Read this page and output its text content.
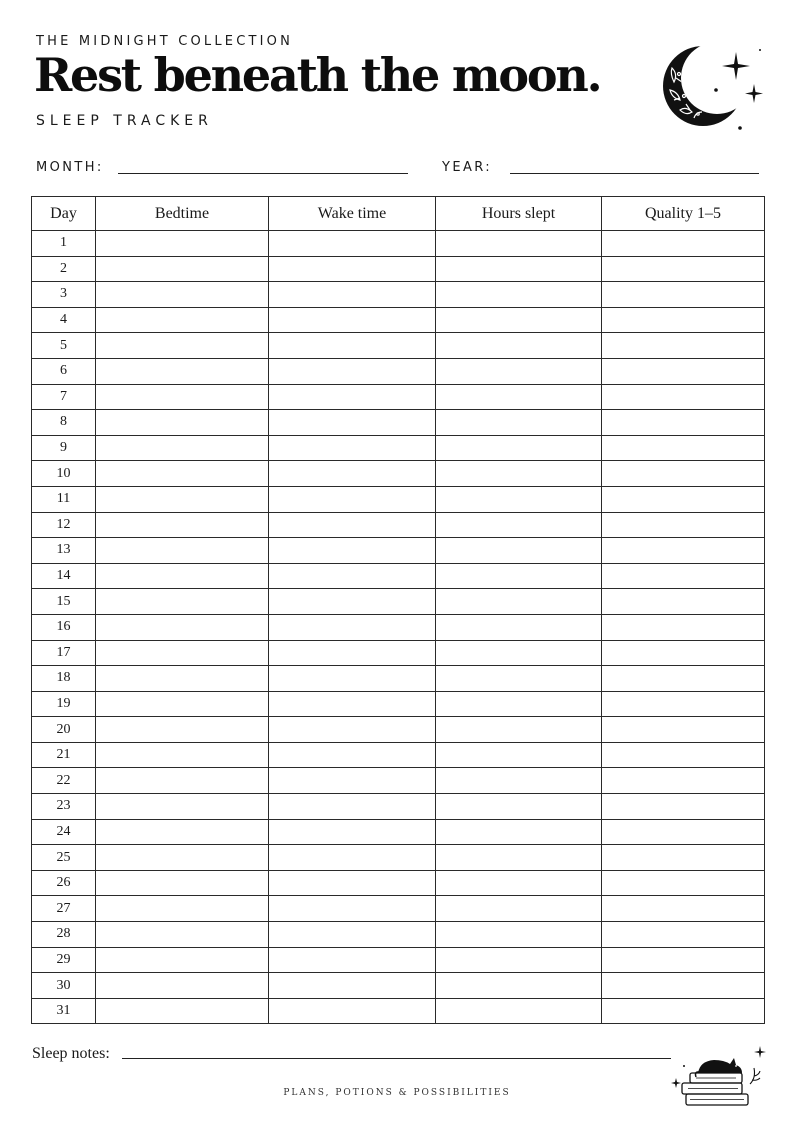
THE MIDNIGHT COLLECTION
Rest beneath the moon.
SLEEP TRACKER
MONTH:	YEAR:
Day	Bedtime	Wake time	Hours slept	Quality 1–5
1				
2				
3				
4				
5				
6				
7				
8				
9				
10				
11				
12				
13				
14				
15				
16				
17				
18				
19				
20				
21				
22				
23				
24				
25				
26				
27				
28				
29				
30				
31				
Sleep notes:
PLANS, POTIONS & POSSIBILITIES
